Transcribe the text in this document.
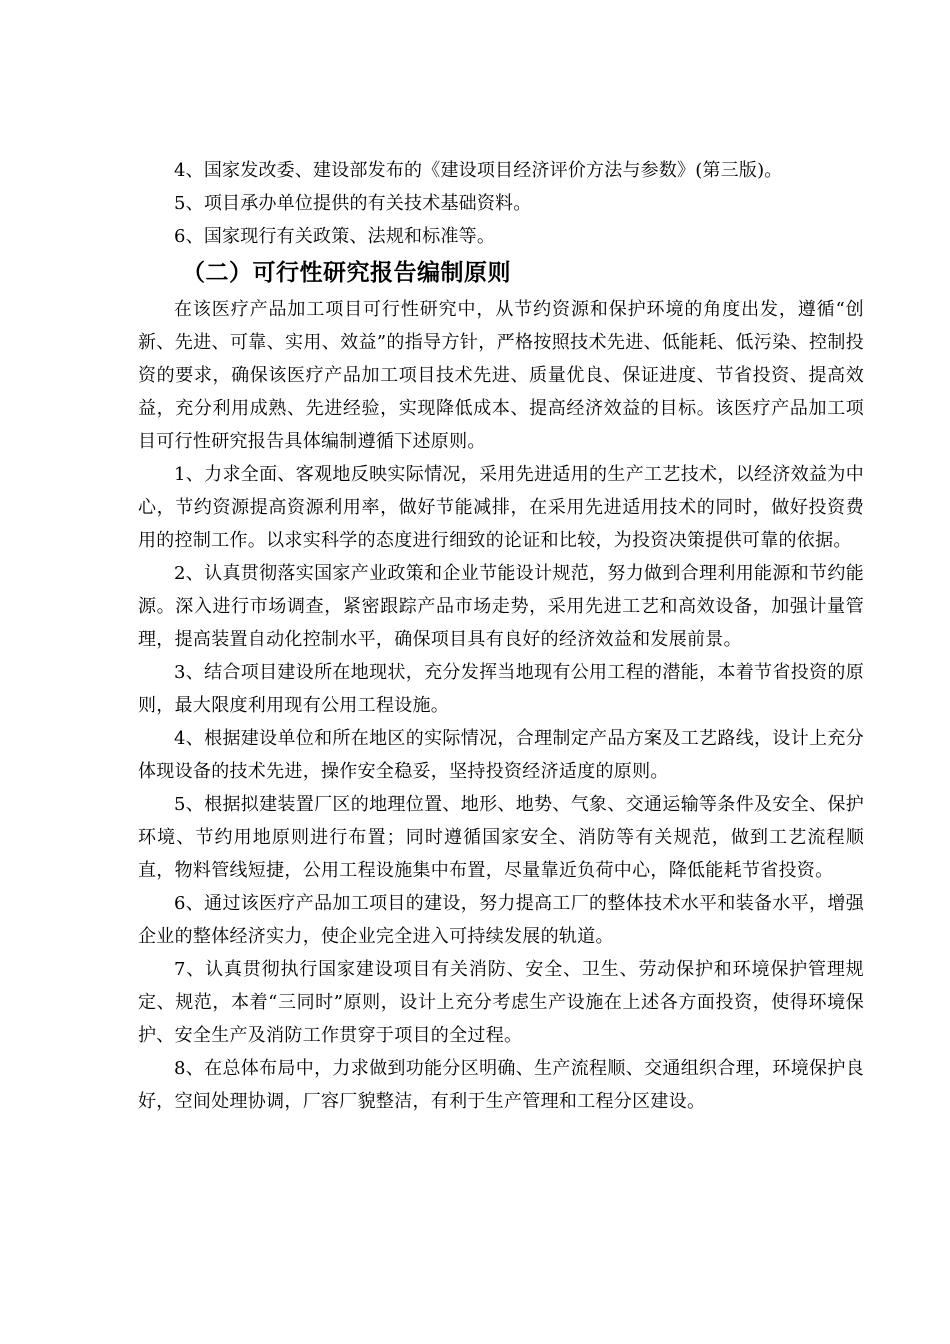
4、国家发改委、建设部发布的《建设项目经济评价方法与参数》(第三版)。
5、项目承办单位提供的有关技术基础资料。
6、国家现行有关政策、法规和标准等。
（二）可行性研究报告编制原则

在该医疗产品加工项目可行性研究中，从节约资源和保护环境的角度出发，遵循“创新、先进、可靠、实用、效益”的指导方针，严格按照技术先进、低能耗、低污染、控制投资的要求，确保该医疗产品加工项目技术先进、质量优良、保证进度、节省投资、提高效益，充分利用成熟、先进经验，实现降低成本、提高经济效益的目标。该医疗产品加工项目可行性研究报告具体编制遵循下述原则。

1、力求全面、客观地反映实际情况，采用先进适用的生产工艺技术，以经济效益为中心，节约资源提高资源利用率，做好节能减排，在采用先进适用技术的同时，做好投资费用的控制工作。以求实科学的态度进行细致的论证和比较，为投资决策提供可靠的依据。

2、认真贯彻落实国家产业政策和企业节能设计规范，努力做到合理利用能源和节约能源。深入进行市场调查，紧密跟踪产品市场走势，采用先进工艺和高效设备，加强计量管理，提高装置自动化控制水平，确保项目具有良好的经济效益和发展前景。

3、结合项目建设所在地现状，充分发挥当地现有公用工程的潜能，本着节省投资的原则，最大限度利用现有公用工程设施。

4、根据建设单位和所在地区的实际情况，合理制定产品方案及工艺路线，设计上充分体现设备的技术先进，操作安全稳妥，坚持投资经济适度的原则。

5、根据拟建装置厂区的地理位置、地形、地势、气象、交通运输等条件及安全、保护环境、节约用地原则进行布置；同时遵循国家安全、消防等有关规范，做到工艺流程顺直，物料管线短捷，公用工程设施集中布置，尽量靠近负荷中心，降低能耗节省投资。

6、通过该医疗产品加工项目的建设，努力提高工厂的整体技术水平和装备水平，增强企业的整体经济实力，使企业完全进入可持续发展的轨道。

7、认真贯彻执行国家建设项目有关消防、安全、卫生、劳动保护和环境保护管理规定、规范，本着“三同时”原则，设计上充分考虑生产设施在上述各方面投资，使得环境保护、安全生产及消防工作贯穿于项目的全过程。

8、在总体布局中，力求做到功能分区明确、生产流程顺、交通组织合理，环境保护良好，空间处理协调，厂容厂貌整洁，有利于生产管理和工程分区建设。
